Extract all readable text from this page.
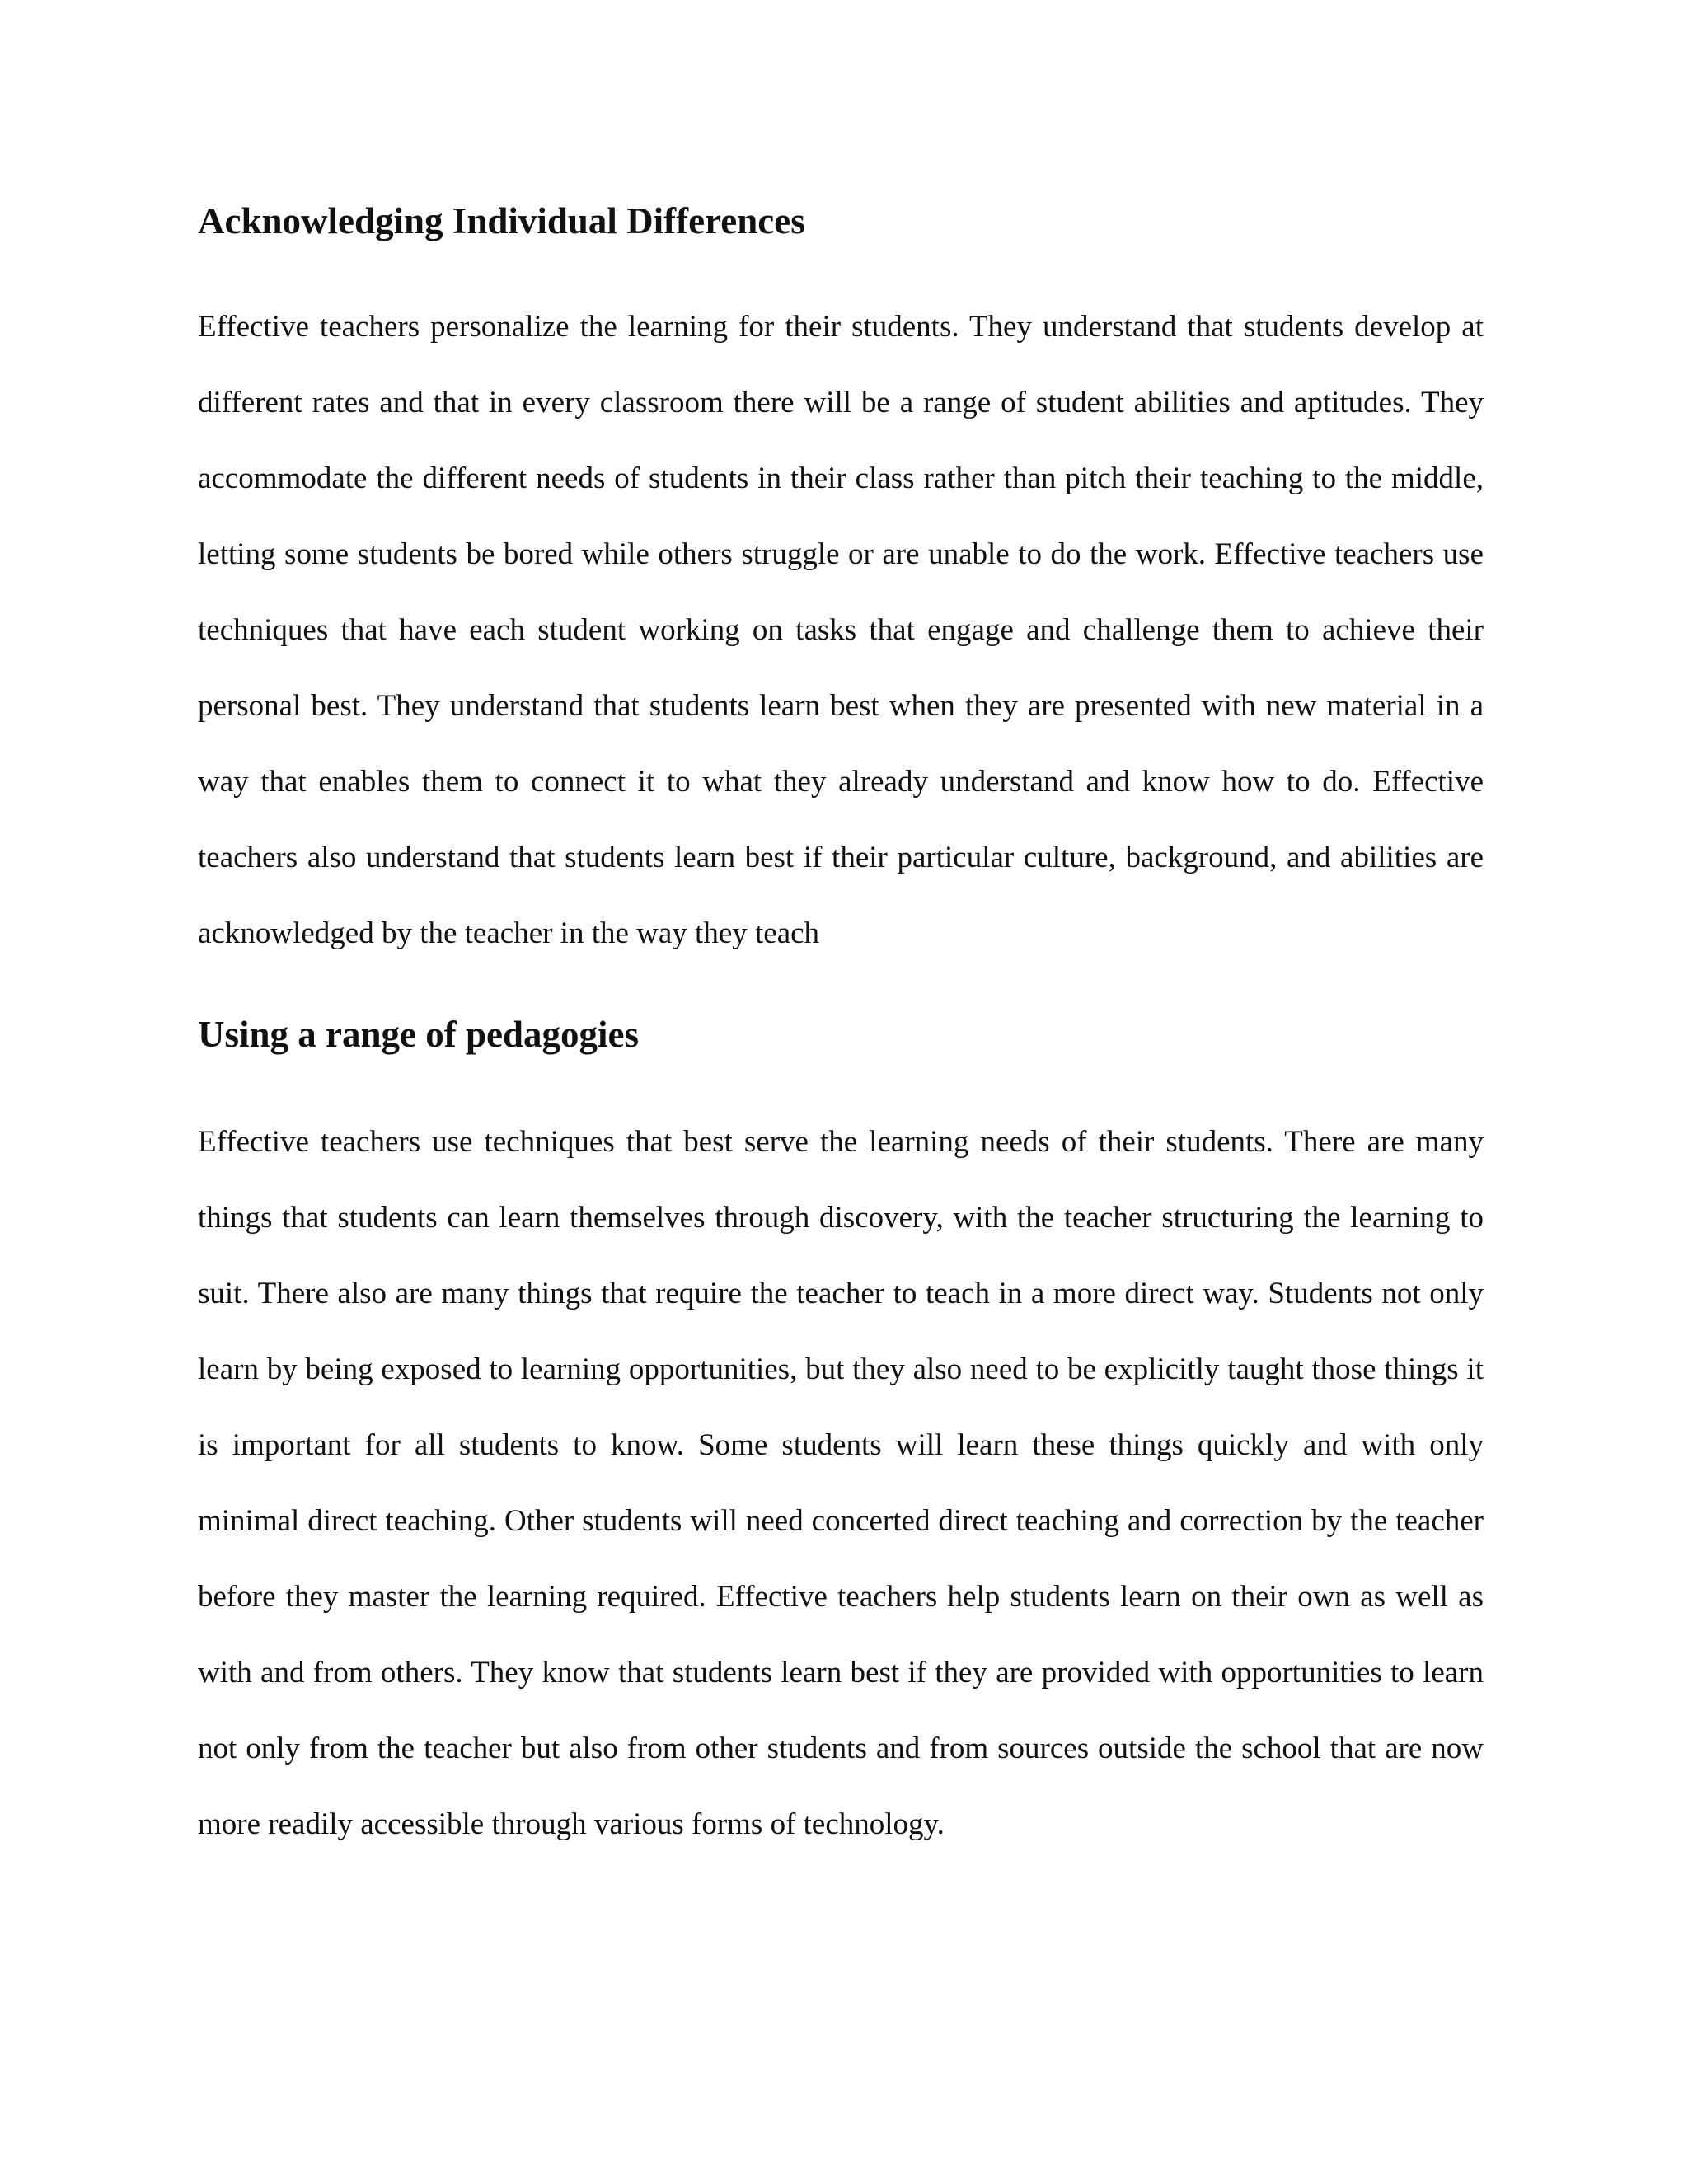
Acknowledging Individual Differences

Effective teachers personalize the learning for their students. They understand that students develop at different rates and that in every classroom there will be a range of student abilities and aptitudes. They accommodate the different needs of students in their class rather than pitch their teaching to the middle, letting some students be bored while others struggle or are unable to do the work. Effective teachers use techniques that have each student working on tasks that engage and challenge them to achieve their personal best. They understand that students learn best when they are presented with new material in a way that enables them to connect it to what they already understand and know how to do. Effective teachers also understand that students learn best if their particular culture, background, and abilities are acknowledged by the teacher in the way they teach

Using a range of pedagogies

Effective teachers use techniques that best serve the learning needs of their students. There are many things that students can learn themselves through discovery, with the teacher structuring the learning to suit. There also are many things that require the teacher to teach in a more direct way. Students not only learn by being exposed to learning opportunities, but they also need to be explicitly taught those things it is important for all students to know. Some students will learn these things quickly and with only minimal direct teaching. Other students will need concerted direct teaching and correction by the teacher before they master the learning required. Effective teachers help students learn on their own as well as with and from others. They know that students learn best if they are provided with opportunities to learn not only from the teacher but also from other students and from sources outside the school that are now more readily accessible through various forms of technology.
